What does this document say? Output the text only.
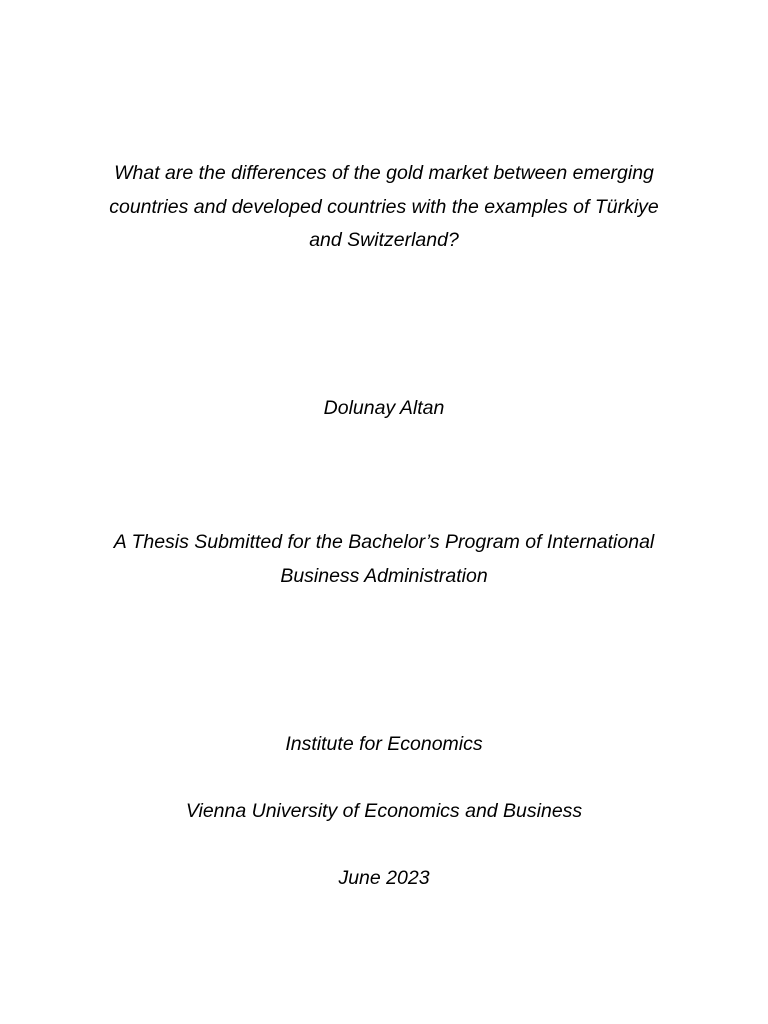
What are the differences of the gold market between emerging
countries and developed countries with the examples of Türkiye
and Switzerland?
Dolunay Altan
A Thesis Submitted for the Bachelor’s Program of International
Business Administration
Institute for Economics
Vienna University of Economics and Business
June 2023
